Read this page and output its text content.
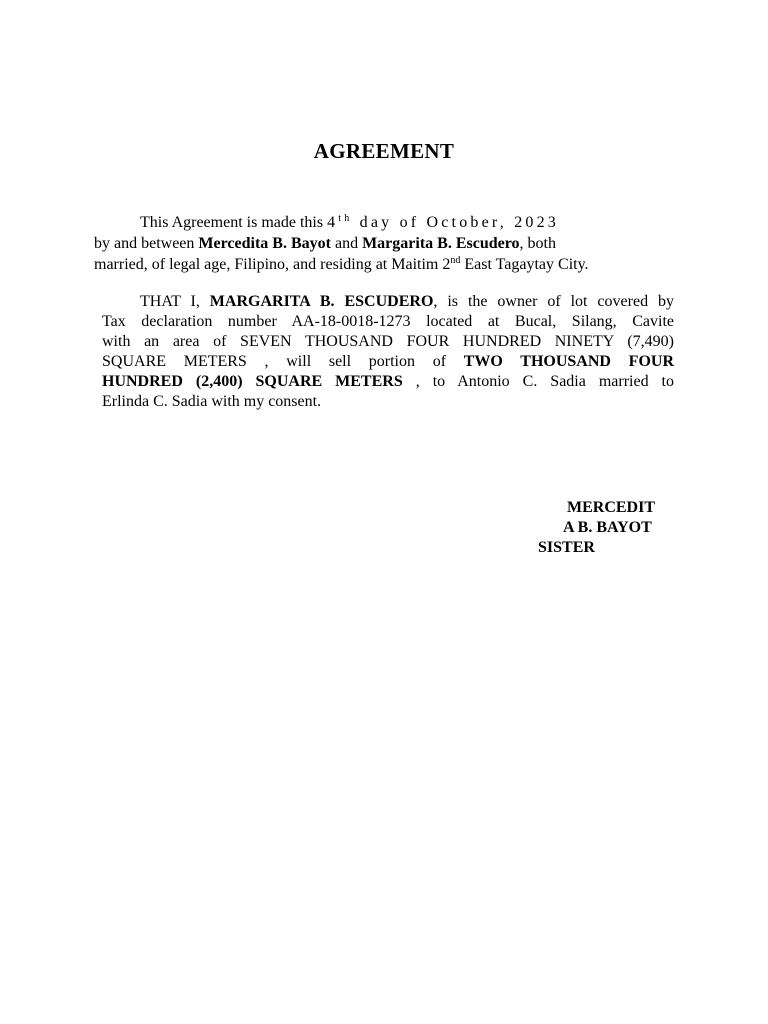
AGREEMENT
This Agreement is made this 4th day of October, 2023
by and between Mercedita B. Bayot and Margarita B. Escudero, both
married, of legal age, Filipino, and residing at Maitim 2nd East Tagaytay City.
THAT I, MARGARITA B. ESCUDERO, is the owner of lot covered by
Tax declaration number AA-18-0018-1273 located at Bucal, Silang, Cavite
with an area of SEVEN THOUSAND FOUR HUNDRED NINETY (7,490)
SQUARE METERS , will sell portion of TWO THOUSAND FOUR
HUNDRED (2,400) SQUARE METERS , to Antonio C. Sadia married to
Erlinda C. Sadia with my consent.
MERCEDIT
A B. BAYOT
SISTER
